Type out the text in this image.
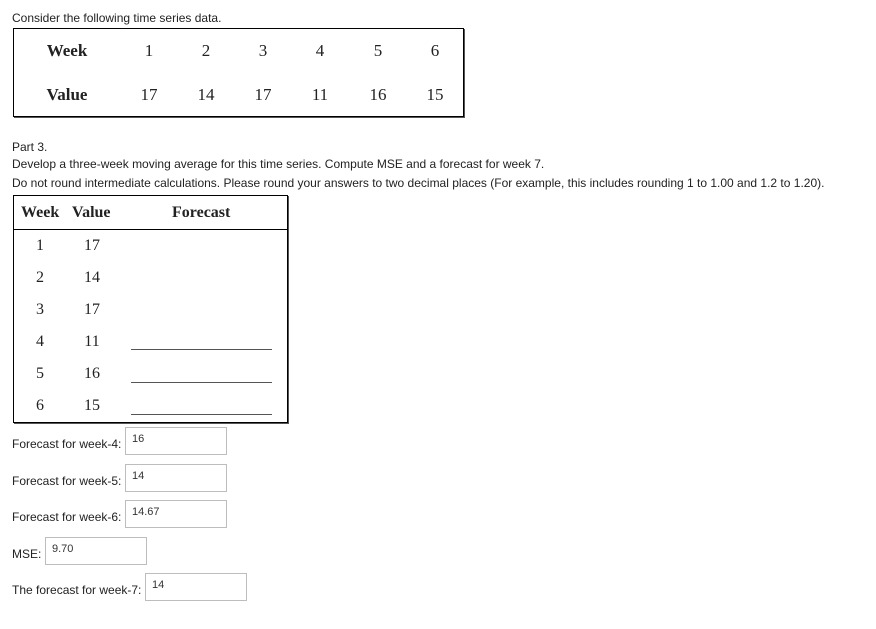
Consider the following time series data.
Week	1	2	3	4	5	6
Value	17 14 17 11 16 15
Part 3.
Develop a three-week moving average for this time series. Compute MSE and a forecast for week 7.
Do not round intermediate calculations. Please round your answers to two decimal places (For example, this includes rounding 1 to 1.00 and 1.2 to 1.20).
Week Value	Forecast
1	17
2	14
3	17
4	11
5	16
6	15
Forecast for week-4: 16
Forecast for week-5: 14
Forecast for week-6: 14.67
MSE: 9.70
The forecast for week-7: 14
